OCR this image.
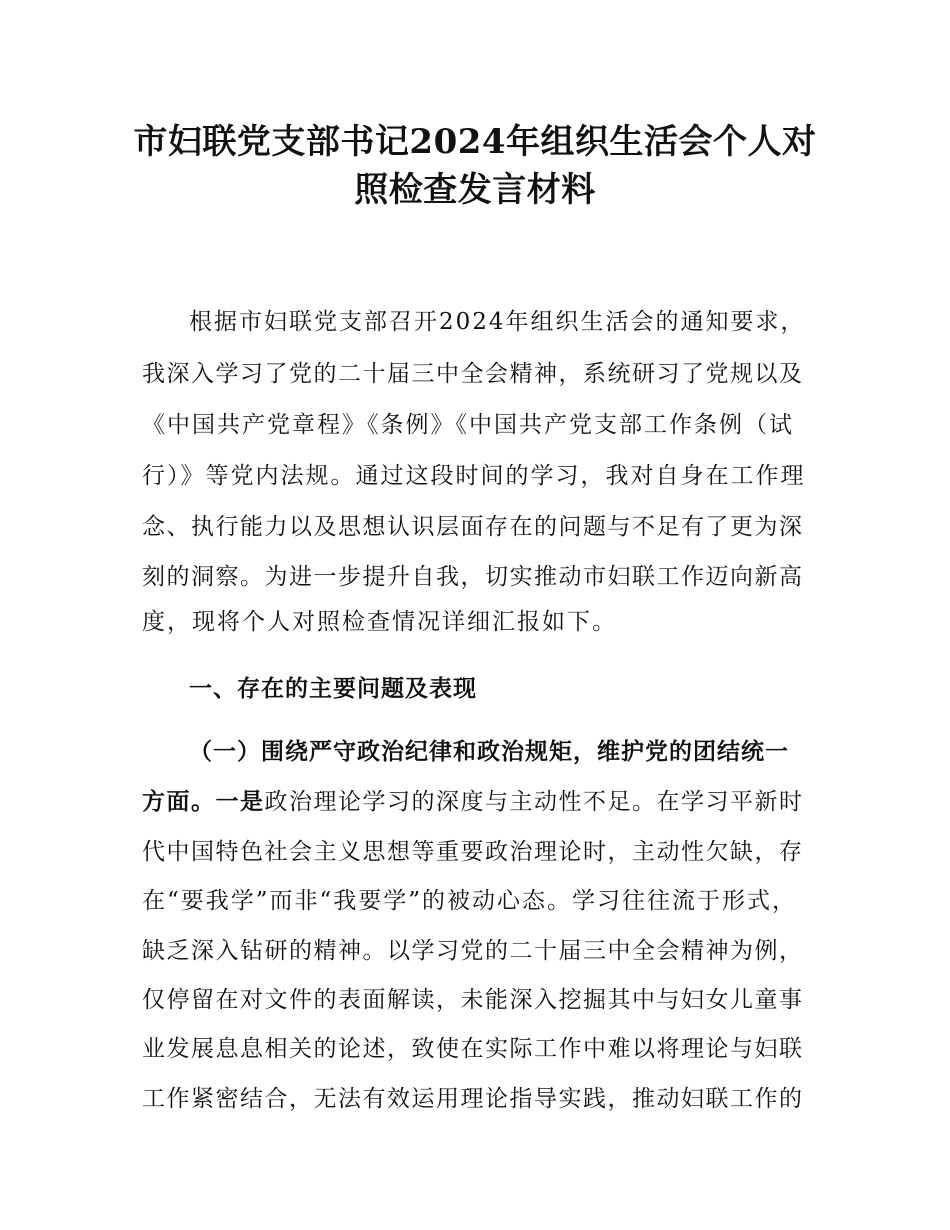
市妇联党支部书记2024年组织生活会个人对
照检查发言材料
根据市妇联党支部召开2024年组织生活会的通知要求，
我深入学习了党的二十届三中全会精神，系统研习了党规以及
《中国共产党章程》《条例》《中国共产党支部工作条例（试
行）》等党内法规。通过这段时间的学习，我对自身在工作理
念、执行能力以及思想认识层面存在的问题与不足有了更为深
刻的洞察。为进一步提升自我，切实推动市妇联工作迈向新高
度，现将个人对照检查情况详细汇报如下。
一、存在的主要问题及表现
（一）围绕严守政治纪律和政治规矩，维护党的团结统一
方面。一是政治理论学习的深度与主动性不足。在学习平新时
代中国特色社会主义思想等重要政治理论时，主动性欠缺，存
在“要我学”而非“我要学”的被动心态。学习往往流于形式，
缺乏深入钻研的精神。以学习党的二十届三中全会精神为例，
仅停留在对文件的表面解读，未能深入挖掘其中与妇女儿童事
业发展息息相关的论述，致使在实际工作中难以将理论与妇联
工作紧密结合，无法有效运用理论指导实践，推动妇联工作的
